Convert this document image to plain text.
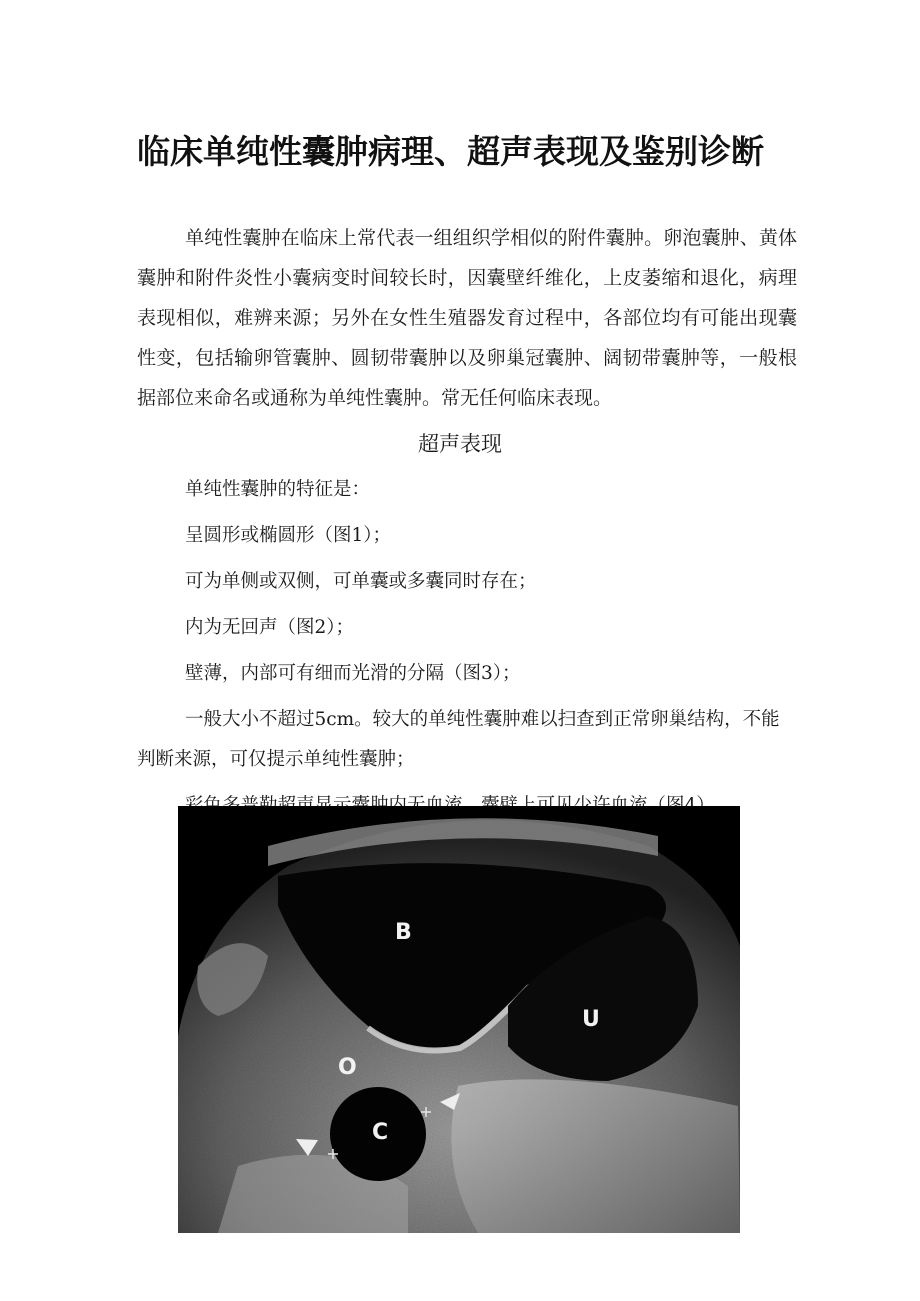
临床单纯性囊肿病理、超声表现及鉴别诊断

单纯性囊肿在临床上常代表一组组织学相似的附件囊肿。卵泡囊肿、黄体囊肿和附件炎性小囊病变时间较长时，因囊壁纤维化，上皮萎缩和退化，病理表现相似，难辨来源；另外在女性生殖器发育过程中，各部位均有可能出现囊性变，包括输卵管囊肿、圆韧带囊肿以及卵巢冠囊肿、阔韧带囊肿等，一般根据部位来命名或通称为单纯性囊肿。常无任何临床表现。

超声表现

单纯性囊肿的特征是：

呈圆形或椭圆形（图1）；

可为单侧或双侧，可单囊或多囊同时存在；

内为无回声（图2）；

壁薄，内部可有细而光滑的分隔（图3）；

一般大小不超过5cm。较大的单纯性囊肿难以扫查到正常卵巢结构，不能判断来源，可仅提示单纯性囊肿；

B
U
O
C
